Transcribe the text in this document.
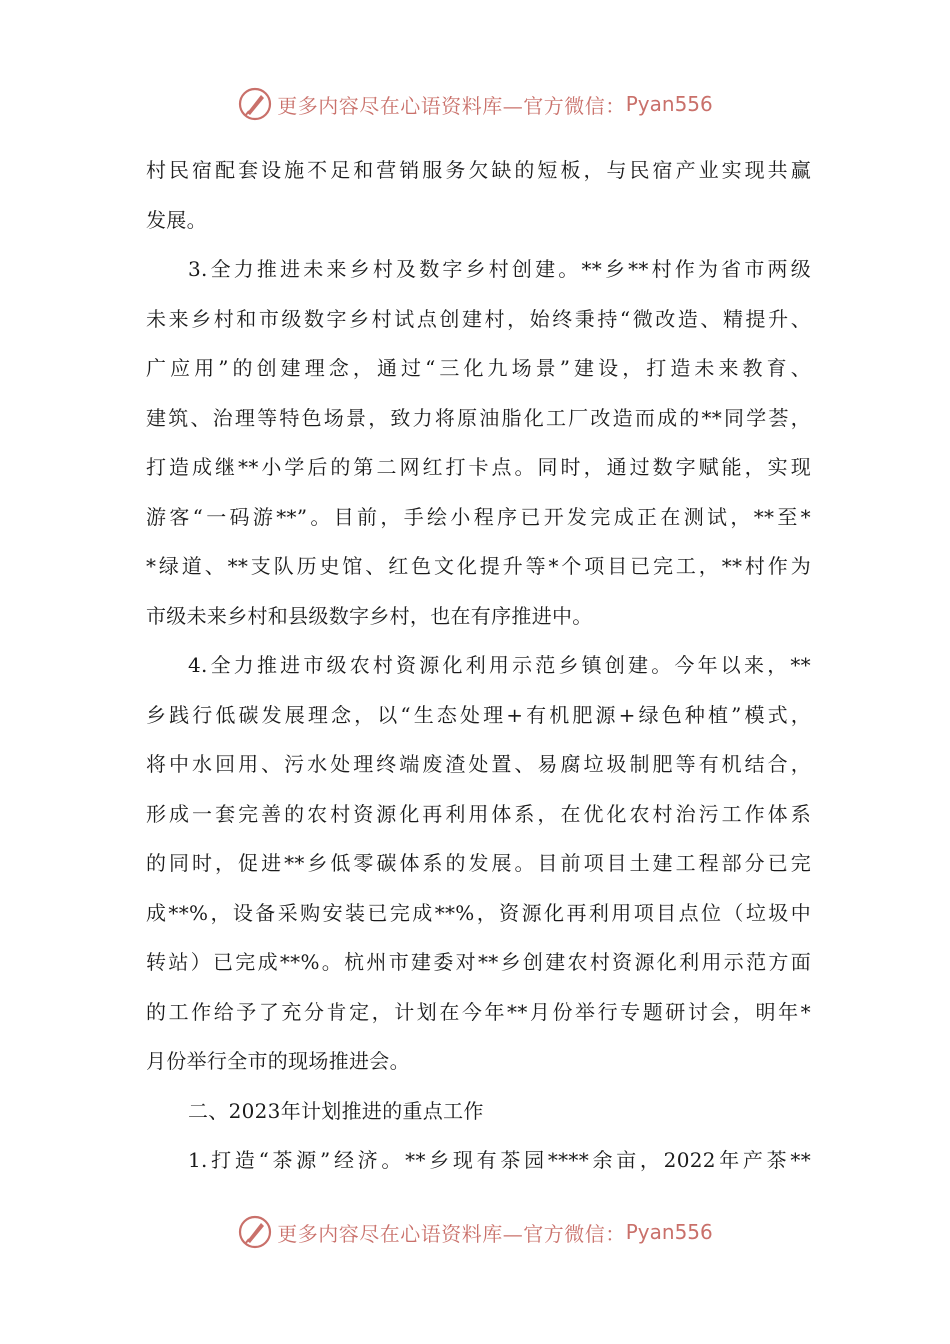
更多内容尽在心语资料库—官方微信： Pyan556
村民宿配套设施不足和营销服务欠缺的短板，与民宿产业实现共赢
发展。
3.全力推进未来乡村及数字乡村创建。**乡**村作为省市两级
未来乡村和市级数字乡村试点创建村，始终秉持“微改造、精提升、
广应用”的创建理念，通过“三化九场景”建设，打造未来教育、
建筑、治理等特色场景，致力将原油脂化工厂改造而成的**同学荟，
打造成继**小学后的第二网红打卡点。同时，通过数字赋能，实现
游客“一码游**”。目前，手绘小程序已开发完成正在测试，**至*
*绿道、**支队历史馆、红色文化提升等*个项目已完工，**村作为
市级未来乡村和县级数字乡村，也在有序推进中。
4.全力推进市级农村资源化利用示范乡镇创建。今年以来，**
乡践行低碳发展理念，以“生态处理+有机肥源+绿色种植”模式，
将中水回用、污水处理终端废渣处置、易腐垃圾制肥等有机结合，
形成一套完善的农村资源化再利用体系，在优化农村治污工作体系
的同时，促进**乡低零碳体系的发展。目前项目土建工程部分已完
成**%，设备采购安装已完成**%，资源化再利用项目点位（垃圾中
转站）已完成**%。杭州市建委对**乡创建农村资源化利用示范方面
的工作给予了充分肯定，计划在今年**月份举行专题研讨会，明年*
月份举行全市的现场推进会。
二、2023年计划推进的重点工作
1.打造“茶源”经济。**乡现有茶园****余亩，2022年产茶**
更多内容尽在心语资料库—官方微信： Pyan556
